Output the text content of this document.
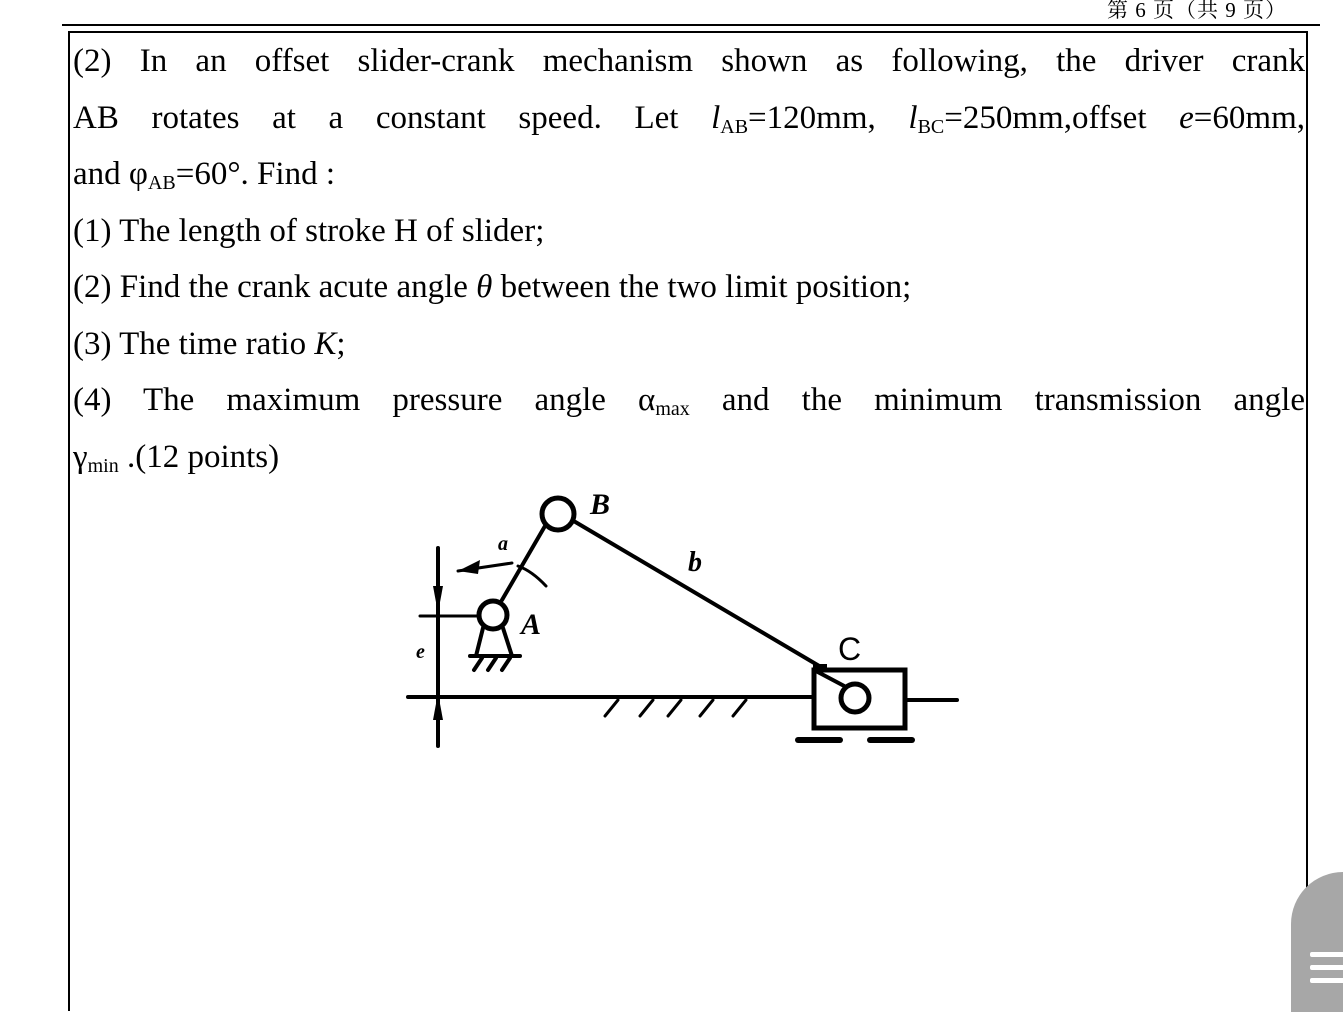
第 6 页（共 9 页）
(2) In an offset slider-crank mechanism shown as following, the driver crank
AB rotates at a constant speed. Let $l_{AB}=120mm$, $l_{BC}=250mm,offset$ e=60mm,
and $\varphi_{AB}=60^\circ$. Find :
(1) The length of stroke H of slider;
(2) Find the crank acute angle θ between the two limit position;
(3) The time ratio K;
(4) The maximum pressure angle $\alpha_{max}$ and the minimum transmission angle
$\gamma_{min}$ .(12 points)
B
A
b
a
e	C
